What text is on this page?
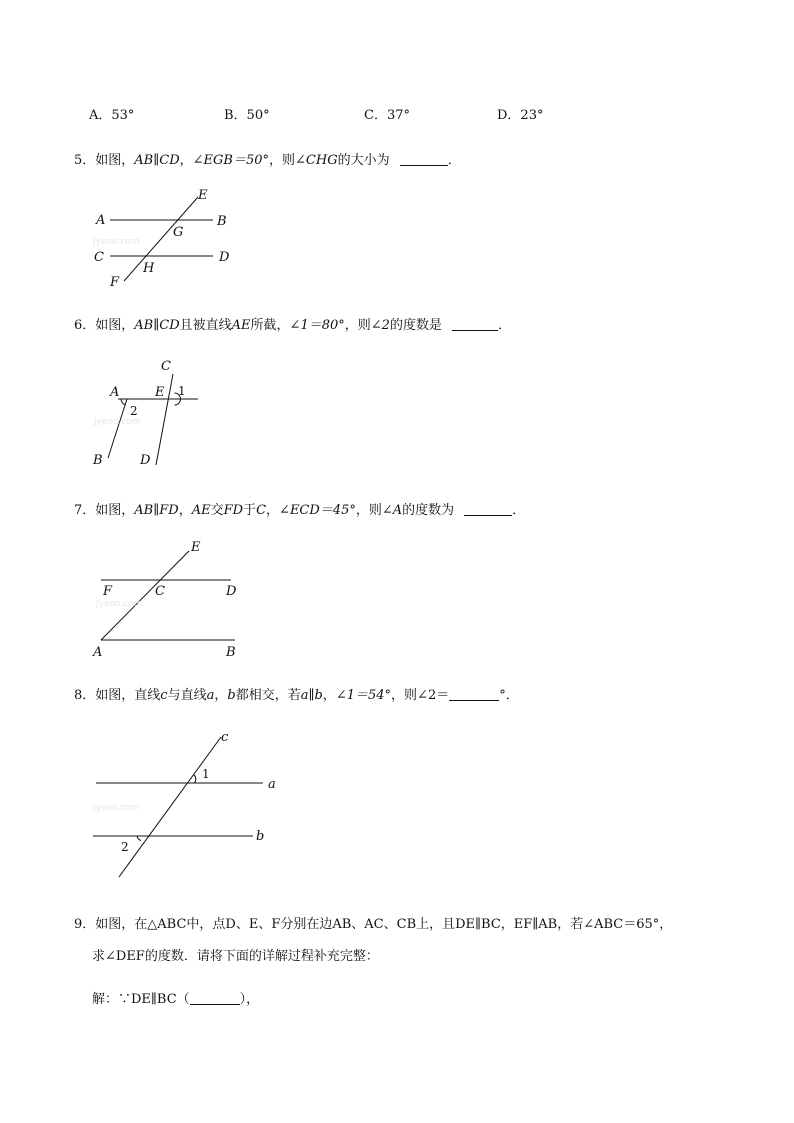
A．53°	B．50°	C．37°	D．23°
5．如图，AB∥CD，∠EGB＝50°，则∠CHG的大小为	．
Jyeoo.com
A	B
C	D
E
F
G
H
Jyeoo.com
C
A	E 1
2
B	D
Jyeoo.com
E
F	C	D
A	B
Jyeoo.com
c
1
a
b
2
6．如图，AB∥CD且被直线AE所截，∠1＝80°，则∠2的度数是	．
7．如图，AB∥FD，AE交FD于C，∠ECD＝45°，则∠A的度数为	．
8．如图，直线c与直线a，b都相交，若a∥b，∠1＝54°，则∠2＝	°．
9．如图，在△ABC中，点D、E、F分别在边AB、AC、CB上，且DE∥BC，EF∥AB，若∠ABC＝65°，
求∠DEF的度数．请将下面的详解过程补充完整：
解：∵DE∥BC（	），
